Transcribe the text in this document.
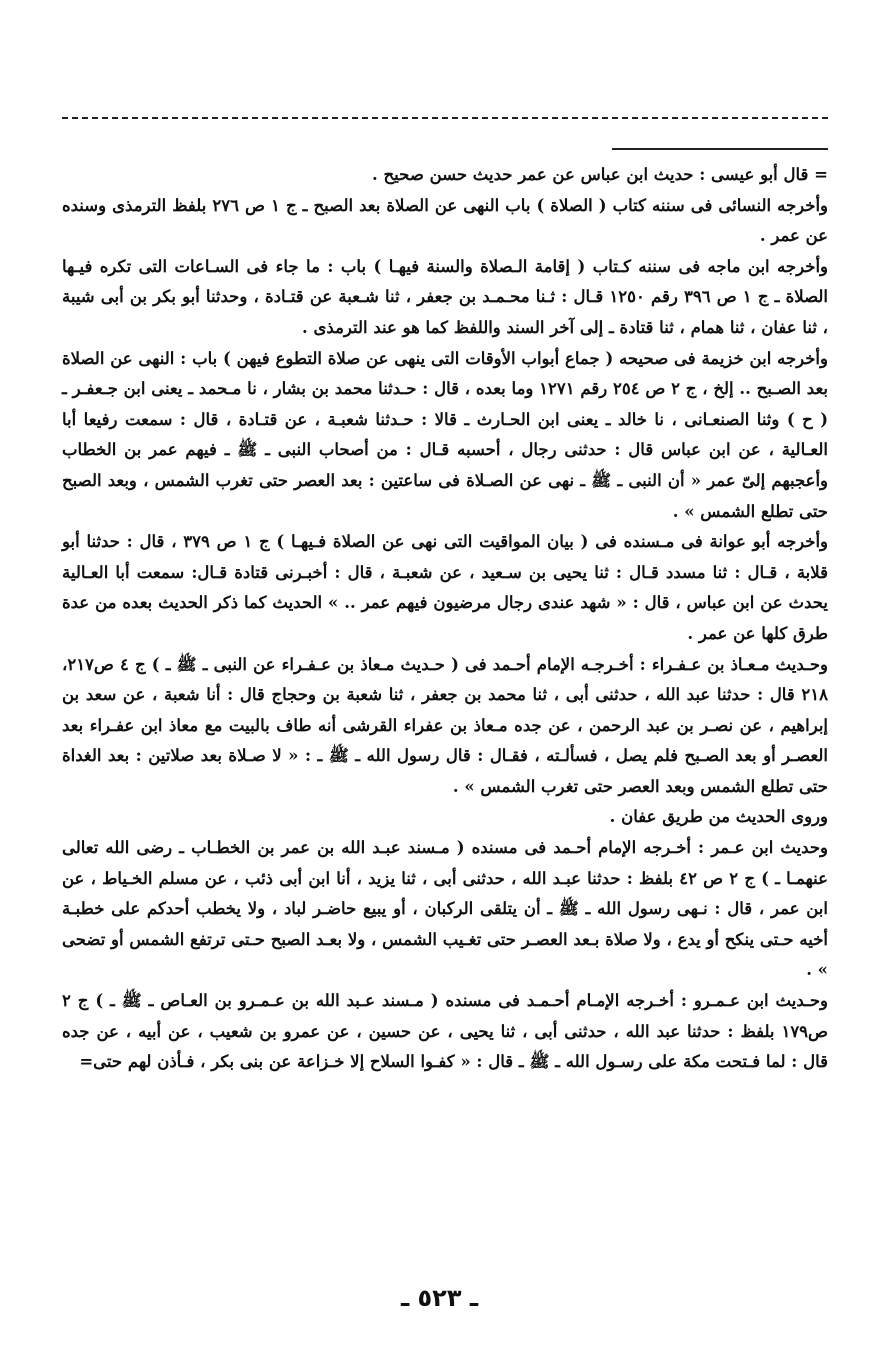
= قال أبو عيسى : حديث ابن عباس عن عمر حديث حسن صحيح .

وأخرجه النسائى فى سننه كتاب ( الصلاة ) باب النهى عن الصلاة بعد الصبح ـ ج ١ ص ٢٧٦ بلفظ الترمذى وسنده عن عمر .

وأخرجه ابن ماجه فى سننه كـتاب ( إقامة الـصلاة والسنة فيهـا ) باب : ما جاء فى السـاعات التى تكره فيـها الصلاة ـ ج ١ ص ٣٩٦ رقم ١٢٥٠ قـال : ثـنا محـمـد بن جعفر ، ثنا شـعبة عن قتـادة ، وحدثنا أبو بكر بن أبى شيبة ، ثنا عفان ، ثنا همام ، ثنا قتادة ـ إلى آخر السند واللفظ كما هو عند الترمذى .

وأخرجه ابن خزيمة فى صحيحه ( جماع أبواب الأوقات التى ينهى عن صلاة التطوع فيهن ) باب : النهى عن الصلاة بعد الصـبح .. إلخ ، ج ٢ ص ٢٥٤ رقم ١٢٧١ وما بعده ، قال : حـدثنا محمد بن بشار ، نا مـحمد ـ يعنى ابن جـعفـر ـ ( ح ) وثنا الصنعـانى ، نا خالد ـ يعنى ابن الحـارث ـ قالا : حـدثنا شعبـة ، عن قتـادة ، قال : سمعت رفيعا أبا العـالية ، عن ابن عباس قال : حدثنى رجال ، أحسبه قـال : من أصحاب النبى ـ ﷺ ـ فيهم عمر بن الخطاب وأعجبهم إلىّ عمر « أن النبى ـ ﷺ ـ نهى عن الصـلاة فى ساعتين : بعد العصر حتى تغرب الشمس ، وبعد الصبح حتى تطلع الشمس » .

وأخرجه أبو عوانة فى مـسنده فى ( بيان المواقيت التى نهى عن الصلاة فـيهـا ) ج ١ ص ٣٧٩ ، قال : حدثنا أبو قلابة ، قـال : ثنا مسدد قـال : ثنا يحيى بن سـعيد ، عن شعبـة ، قال : أخبـرنى قتادة قـال: سمعت أبا العـالية يحدث عن ابن عباس ، قال : « شهد عندى رجال مرضيون فيهم عمر .. » الحديث كما ذكر الحديث بعده من عدة طرق كلها عن عمر .

وحـديث مـعـاذ بن عـفـراء : أخـرجـه الإمام أحـمد فى ( حـديث مـعاذ بن عـفـراء عن النبى ـ ﷺ ـ ) ج ٤ ص٢١٧، ٢١٨ قال : حدثنا عبد الله ، حدثنى أبى ، ثنا محمد بن جعفر ، ثنا شعبة بن وحجاج قال : أنا شعبة ، عن سعد بن إبراهيم ، عن نصـر بن عبد الرحمن ، عن جده مـعاذ بن عفراء القرشى أنه طاف بالبيت مع معاذ ابن عفـراء بعد العصـر أو بعد الصـبح فلم يصل ، فسألـته ، فقـال : قال رسول الله ـ ﷺ ـ : « لا صـلاة بعد صلاتين : بعد الغداة حتى تطلع الشمس وبعد العصر حتى تغرب الشمس » .

وروى الحديث من طريق عفان .

وحديث ابن عـمر : أخـرجه الإمام أحـمد فى مسنده ( مـسند عبـد الله بن عمر بن الخطـاب ـ رضى الله تعالى عنهمـا ـ ) ج ٢ ص ٤٢ بلفظ : حدثنا عبـد الله ، حدثنى أبى ، ثنا يزيد ، أنا ابن أبى ذئب ، عن مسلم الخـياط ، عن ابن عمر ، قال : نـهى رسول الله ـ ﷺ ـ أن يتلقى الركبان ، أو يبيع حاضـر لباد ، ولا يخطب أحدكم على خطبـة أخيه حـتى ينكح أو يدع ، ولا صلاة بـعد العصـر حتى تغـيب الشمس ، ولا بعـد الصبح حـتى ترتفع الشمس أو تضحى » .

وحـديث ابن عـمـرو : أخـرجه الإمـام أحـمـد فى مسنده ( مـسند عـبد الله بن عـمـرو بن العـاص ـ ﷺ ـ ) ج ٢ ص١٧٩ بلفظ : حدثنا عبد الله ، حدثنى أبى ، ثنا يحيى ، عن حسين ، عن عمرو بن شعيب ، عن أبيه ، عن جده قال : لما فـتحت مكة على رسـول الله ـ ﷺ ـ قال : « كفـوا السلاح إلا خـزاعة عن بنى بكر ، فـأذن لهم حتى=

ـ ٥٢٣ ـ
